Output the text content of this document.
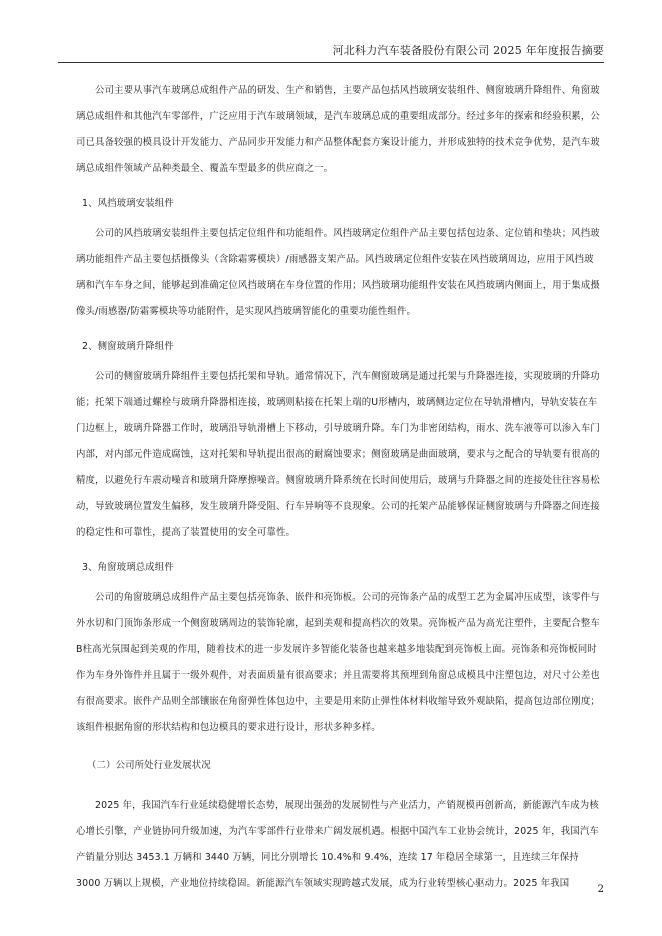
河北科力汽车装备股份有限公司 2025 年年度报告摘要

公司主要从事汽车玻璃总成组件产品的研发、生产和销售，主要产品包括风挡玻璃安装组件、侧窗玻璃升降组件、角窗玻璃总成组件和其他汽车零部件，广泛应用于汽车玻璃领域，是汽车玻璃总成的重要组成部分。经过多年的探索和经验积累，公司已具备较强的模具设计开发能力、产品同步开发能力和产品整体配套方案设计能力，并形成独特的技术竞争优势，是汽车玻璃总成组件领域产品种类最全、覆盖车型最多的供应商之一。

1、风挡玻璃安装组件

公司的风挡玻璃安装组件主要包括定位组件和功能组件。风挡玻璃定位组件产品主要包括包边条、定位销和垫块；风挡玻璃功能组件产品主要包括摄像头（含除霜雾模块）/雨感器支架产品。风挡玻璃定位组件安装在风挡玻璃周边，应用于风挡玻璃和汽车车身之间，能够起到准确定位风挡玻璃在车身位置的作用；风挡玻璃功能组件安装在风挡玻璃内侧面上，用于集成摄像头/雨感器/防霜雾模块等功能附件，是实现风挡玻璃智能化的重要功能性组件。

2、侧窗玻璃升降组件

公司的侧窗玻璃升降组件主要包括托架和导轨。通常情况下，汽车侧窗玻璃是通过托架与升降器连接，实现玻璃的升降功能；托架下端通过螺栓与玻璃升降器相连接，玻璃则粘接在托架上端的U形槽内，玻璃侧边定位在导轨滑槽内，导轨安装在车门边框上，玻璃升降器工作时，玻璃沿导轨滑槽上下移动，引导玻璃升降。车门为非密闭结构，雨水、洗车液等可以渗入车门内部，对内部元件造成腐蚀，这对托架和导轨提出很高的耐腐蚀要求；侧窗玻璃是曲面玻璃，要求与之配合的导轨要有很高的精度，以避免行车震动噪音和玻璃升降摩擦噪音。侧窗玻璃升降系统在长时间使用后，玻璃与升降器之间的连接处往往容易松动，导致玻璃位置发生偏移，发生玻璃升降受阻、行车异响等不良现象。公司的托架产品能够保证侧窗玻璃与升降器之间连接的稳定性和可靠性，提高了装置使用的安全可靠性。

3、角窗玻璃总成组件

公司的角窗玻璃总成组件产品主要包括亮饰条、嵌件和亮饰板。公司的亮饰条产品的成型工艺为金属冲压成型，该零件与外水切和门顶饰条形成一个侧窗玻璃周边的装饰轮廓，起到美观和提高档次的效果。亮饰板产品为高光注塑件，主要配合整车B柱高光氛围起到美观的作用，随着技术的进一步发展许多智能化装备也越来越多地装配到亮饰板上面。亮饰条和亮饰板同时作为车身外饰件并且属于一级外观件，对表面质量有很高要求；并且需要将其预埋到角窗总成模具中注塑包边，对尺寸公差也有很高要求。嵌件产品则全部镶嵌在角窗弹性体包边中，主要是用来防止弹性体材料收缩导致外观缺陷，提高包边部位刚度；该组件根据角窗的形状结构和包边模具的要求进行设计，形状多种多样。

（二）公司所处行业发展状况

2025 年，我国汽车行业延续稳健增长态势，展现出强劲的发展韧性与产业活力，产销规模再创新高，新能源汽车成为核心增长引擎，产业链协同升级加速，为汽车零部件行业带来广阔发展机遇。根据中国汽车工业协会统计，2025 年，我国汽车产销量分别达 3453.1 万辆和 3440 万辆，同比分别增长 10.4%和 9.4%，连续 17 年稳居全球第一，且连续三年保持 3000 万辆以上规模，产业地位持续稳固。新能源汽车领域实现跨越式发展，成为行业转型核心驱动力。2025 年我国

2
